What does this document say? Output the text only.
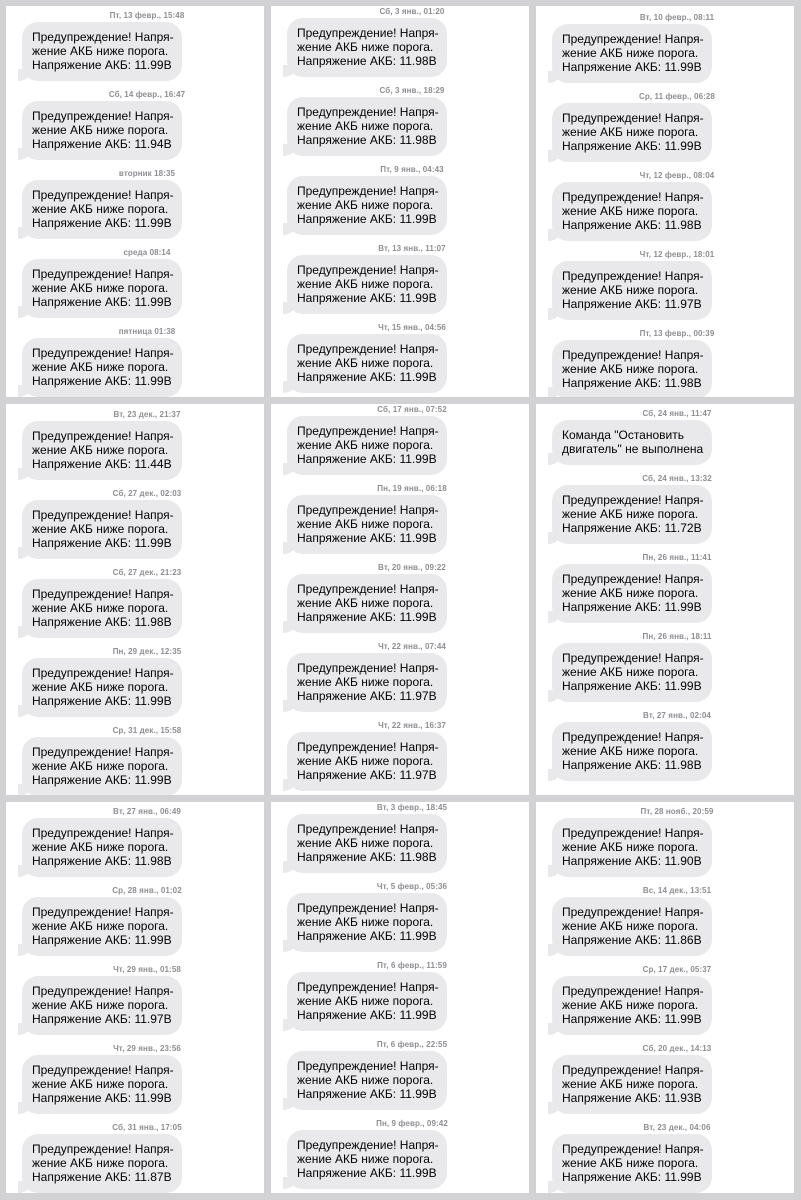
Пт, 13 февр., 15:48
Предупреждение! Напря-
жение АКБ ниже порога.
Напряжение АКБ: 11.99В
Сб, 14 февр., 16:47
Предупреждение! Напря-
жение АКБ ниже порога.
Напряжение АКБ: 11.94В
вторник 18:35
Предупреждение! Напря-
жение АКБ ниже порога.
Напряжение АКБ: 11.99В
среда 08:14
Предупреждение! Напря-
жение АКБ ниже порога.
Напряжение АКБ: 11.99В
пятница 01:38
Предупреждение! Напря-
жение АКБ ниже порога.
Напряжение АКБ: 11.99В
Сб, 3 янв., 01:20
Предупреждение! Напря-
жение АКБ ниже порога.
Напряжение АКБ: 11.98В
Сб, 3 янв., 18:29
Предупреждение! Напря-
жение АКБ ниже порога.
Напряжение АКБ: 11.98В
Пт, 9 янв., 04:43
Предупреждение! Напря-
жение АКБ ниже порога.
Напряжение АКБ: 11.99В
Вт, 13 янв., 11:07
Предупреждение! Напря-
жение АКБ ниже порога.
Напряжение АКБ: 11.99В
Чт, 15 янв., 04:56
Предупреждение! Напря-
жение АКБ ниже порога.
Напряжение АКБ: 11.99В
Вт, 10 февр., 08:11
Предупреждение! Напря-
жение АКБ ниже порога.
Напряжение АКБ: 11.99В
Ср, 11 февр., 06:28
Предупреждение! Напря-
жение АКБ ниже порога.
Напряжение АКБ: 11.99В
Чт, 12 февр., 08:04
Предупреждение! Напря-
жение АКБ ниже порога.
Напряжение АКБ: 11.98В
Чт, 12 февр., 18:01
Предупреждение! Напря-
жение АКБ ниже порога.
Напряжение АКБ: 11.97В
Пт, 13 февр., 00:39
Предупреждение! Напря-
жение АКБ ниже порога.
Напряжение АКБ: 11.98В
Вт, 23 дек., 21:37
Предупреждение! Напря-
жение АКБ ниже порога.
Напряжение АКБ: 11.44В
Сб, 27 дек., 02:03
Предупреждение! Напря-
жение АКБ ниже порога.
Напряжение АКБ: 11.99В
Сб, 27 дек., 21:23
Предупреждение! Напря-
жение АКБ ниже порога.
Напряжение АКБ: 11.98В
Пн, 29 дек., 12:35
Предупреждение! Напря-
жение АКБ ниже порога.
Напряжение АКБ: 11.99В
Ср, 31 дек., 15:58
Предупреждение! Напря-
жение АКБ ниже порога.
Напряжение АКБ: 11.99В
Сб, 17 янв., 07:52
Предупреждение! Напря-
жение АКБ ниже порога.
Напряжение АКБ: 11.99В
Пн, 19 янв., 06:18
Предупреждение! Напря-
жение АКБ ниже порога.
Напряжение АКБ: 11.99В
Вт, 20 янв., 09:22
Предупреждение! Напря-
жение АКБ ниже порога.
Напряжение АКБ: 11.99В
Чт, 22 янв., 07:44
Предупреждение! Напря-
жение АКБ ниже порога.
Напряжение АКБ: 11.97В
Чт, 22 янв., 16:37
Предупреждение! Напря-
жение АКБ ниже порога.
Напряжение АКБ: 11.97В
Сб, 24 янв., 11:47
Команда "Остановить
двигатель" не выполнена
Сб, 24 янв., 13:32
Предупреждение! Напря-
жение АКБ ниже порога.
Напряжение АКБ: 11.72В
Пн, 26 янв., 11:41
Предупреждение! Напря-
жение АКБ ниже порога.
Напряжение АКБ: 11.99В
Пн, 26 янв., 18:11
Предупреждение! Напря-
жение АКБ ниже порога.
Напряжение АКБ: 11.99В
Вт, 27 янв., 02:04
Предупреждение! Напря-
жение АКБ ниже порога.
Напряжение АКБ: 11.98В
Вт, 27 янв., 06:49
Предупреждение! Напря-
жение АКБ ниже порога.
Напряжение АКБ: 11.98В
Ср, 28 янв., 01:02
Предупреждение! Напря-
жение АКБ ниже порога.
Напряжение АКБ: 11.99В
Чт, 29 янв., 01:58
Предупреждение! Напря-
жение АКБ ниже порога.
Напряжение АКБ: 11.97В
Чт, 29 янв., 23:56
Предупреждение! Напря-
жение АКБ ниже порога.
Напряжение АКБ: 11.99В
Сб, 31 янв., 17:05
Предупреждение! Напря-
жение АКБ ниже порога.
Напряжение АКБ: 11.87В
Вт, 3 февр., 18:45
Предупреждение! Напря-
жение АКБ ниже порога.
Напряжение АКБ: 11.98В
Чт, 5 февр., 05:36
Предупреждение! Напря-
жение АКБ ниже порога.
Напряжение АКБ: 11.99В
Пт, 6 февр., 11:59
Предупреждение! Напря-
жение АКБ ниже порога.
Напряжение АКБ: 11.99В
Пт, 6 февр., 22:55
Предупреждение! Напря-
жение АКБ ниже порога.
Напряжение АКБ: 11.99В
Пн, 9 февр., 09:42
Предупреждение! Напря-
жение АКБ ниже порога.
Напряжение АКБ: 11.99В
Пт, 28 нояб., 20:59
Предупреждение! Напря-
жение АКБ ниже порога.
Напряжение АКБ: 11.90В
Вс, 14 дек., 13:51
Предупреждение! Напря-
жение АКБ ниже порога.
Напряжение АКБ: 11.86В
Ср, 17 дек., 05:37
Предупреждение! Напря-
жение АКБ ниже порога.
Напряжение АКБ: 11.99В
Сб, 20 дек., 14:13
Предупреждение! Напря-
жение АКБ ниже порога.
Напряжение АКБ: 11.93В
Вт, 23 дек., 04:06
Предупреждение! Напря-
жение АКБ ниже порога.
Напряжение АКБ: 11.99В
